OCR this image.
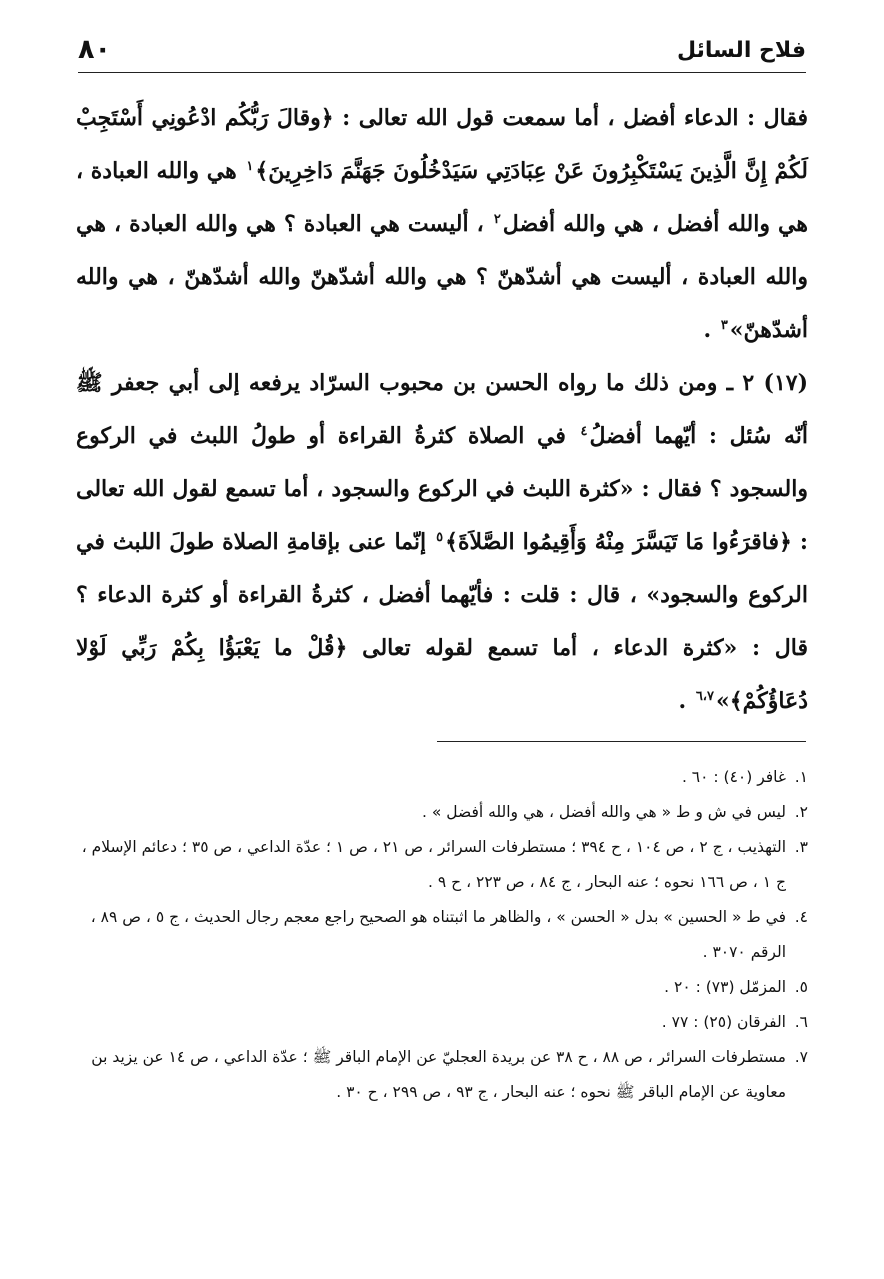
٨٠	فلاح السائل

فقال : الدعاء أفضل ، أما سمعت قول الله تعالى : ﴿وقالَ رَبُّكُم ادْعُونِي أَسْتَجِبْ لَكُمْ إِنَّ الَّذِينَ يَسْتَكْبِرُونَ عَنْ عِبَادَتِي سَيَدْخُلُونَ جَهَنَّمَ دَاخِرِينَ﴾$^١$ هي والله العبادة ، هي والله أفضل ، هي والله أفضل$^٢$ ، أليست هي العبادة ؟ هي والله العبادة ، هي والله العبادة ، أليست هي أشدّهنّ ؟ هي والله أشدّهنّ والله أشدّهنّ ، هي والله أشدّهنّ»$^٣$ .

(١٧) ٢ ـ ومن ذلك ما رواه الحسن بن محبوب السرّاد يرفعه إلى أبي جعفر ﷺ أنّه سُئل : أيّهما أفضلُ$^٤$ في الصلاة كثرةُ القراءة أو طولُ اللبث في الركوع والسجود ؟ فقال : «كثرة اللبث في الركوع والسجود ، أما تسمع لقول الله تعالى : ﴿فاقرَءُوا مَا تَيَسَّرَ مِنْهُ وَأَقِيمُوا الصَّلاَةَ﴾$^٥$ إنّما عنى بإقامةِ الصلاة طولَ اللبث في الركوع والسجود» ، قال : قلت : فأيّهما أفضل ، كثرةُ القراءة أو كثرة الدعاء ؟ قال : «كثرة الدعاء ، أما تسمع لقوله تعالى ﴿قُلْ ما يَعْبَؤُا بِكُمْ رَبِّي لَوْلا دُعَاؤُكُمْ﴾»$^{٦،٧}$ .

١.
غافر (٤٠) : ٦٠ .

٢.
ليس في ش و ط « هي والله أفضل ، هي والله أفضل » .

٣.
التهذيب ، ج ٢ ، ص ١٠٤ ، ح ٣٩٤ ؛ مستطرفات السرائر ، ص ٢١ ، ص ١ ؛ عدّة الداعي ، ص ٣٥ ؛ دعائم الإسلام ، ج ١ ، ص ١٦٦ نحوه ؛ عنه البحار ، ج ٨٤ ، ص ٢٢٣ ، ح ٩ .

٤.
في ط « الحسين » بدل « الحسن » ، والظاهر ما اثبتناه هو الصحيح راجع معجم رجال الحديث ، ج ٥ ، ص ٨٩ ، الرقم ٣٠٧٠ .

٥.
المزمّل (٧٣) : ٢٠ .

٦.
الفرقان (٢٥) : ٧٧ .

٧.
مستطرفات السرائر ، ص ٨٨ ، ح ٣٨ عن بريدة العجليّ عن الإمام الباقر ﷺ ؛ عدّة الداعي ، ص ١٤ عن يزيد بن معاوية عن الإمام الباقر ﷺ نحوه ؛ عنه البحار ، ج ٩٣ ، ص ٢٩٩ ، ح ٣٠ .
